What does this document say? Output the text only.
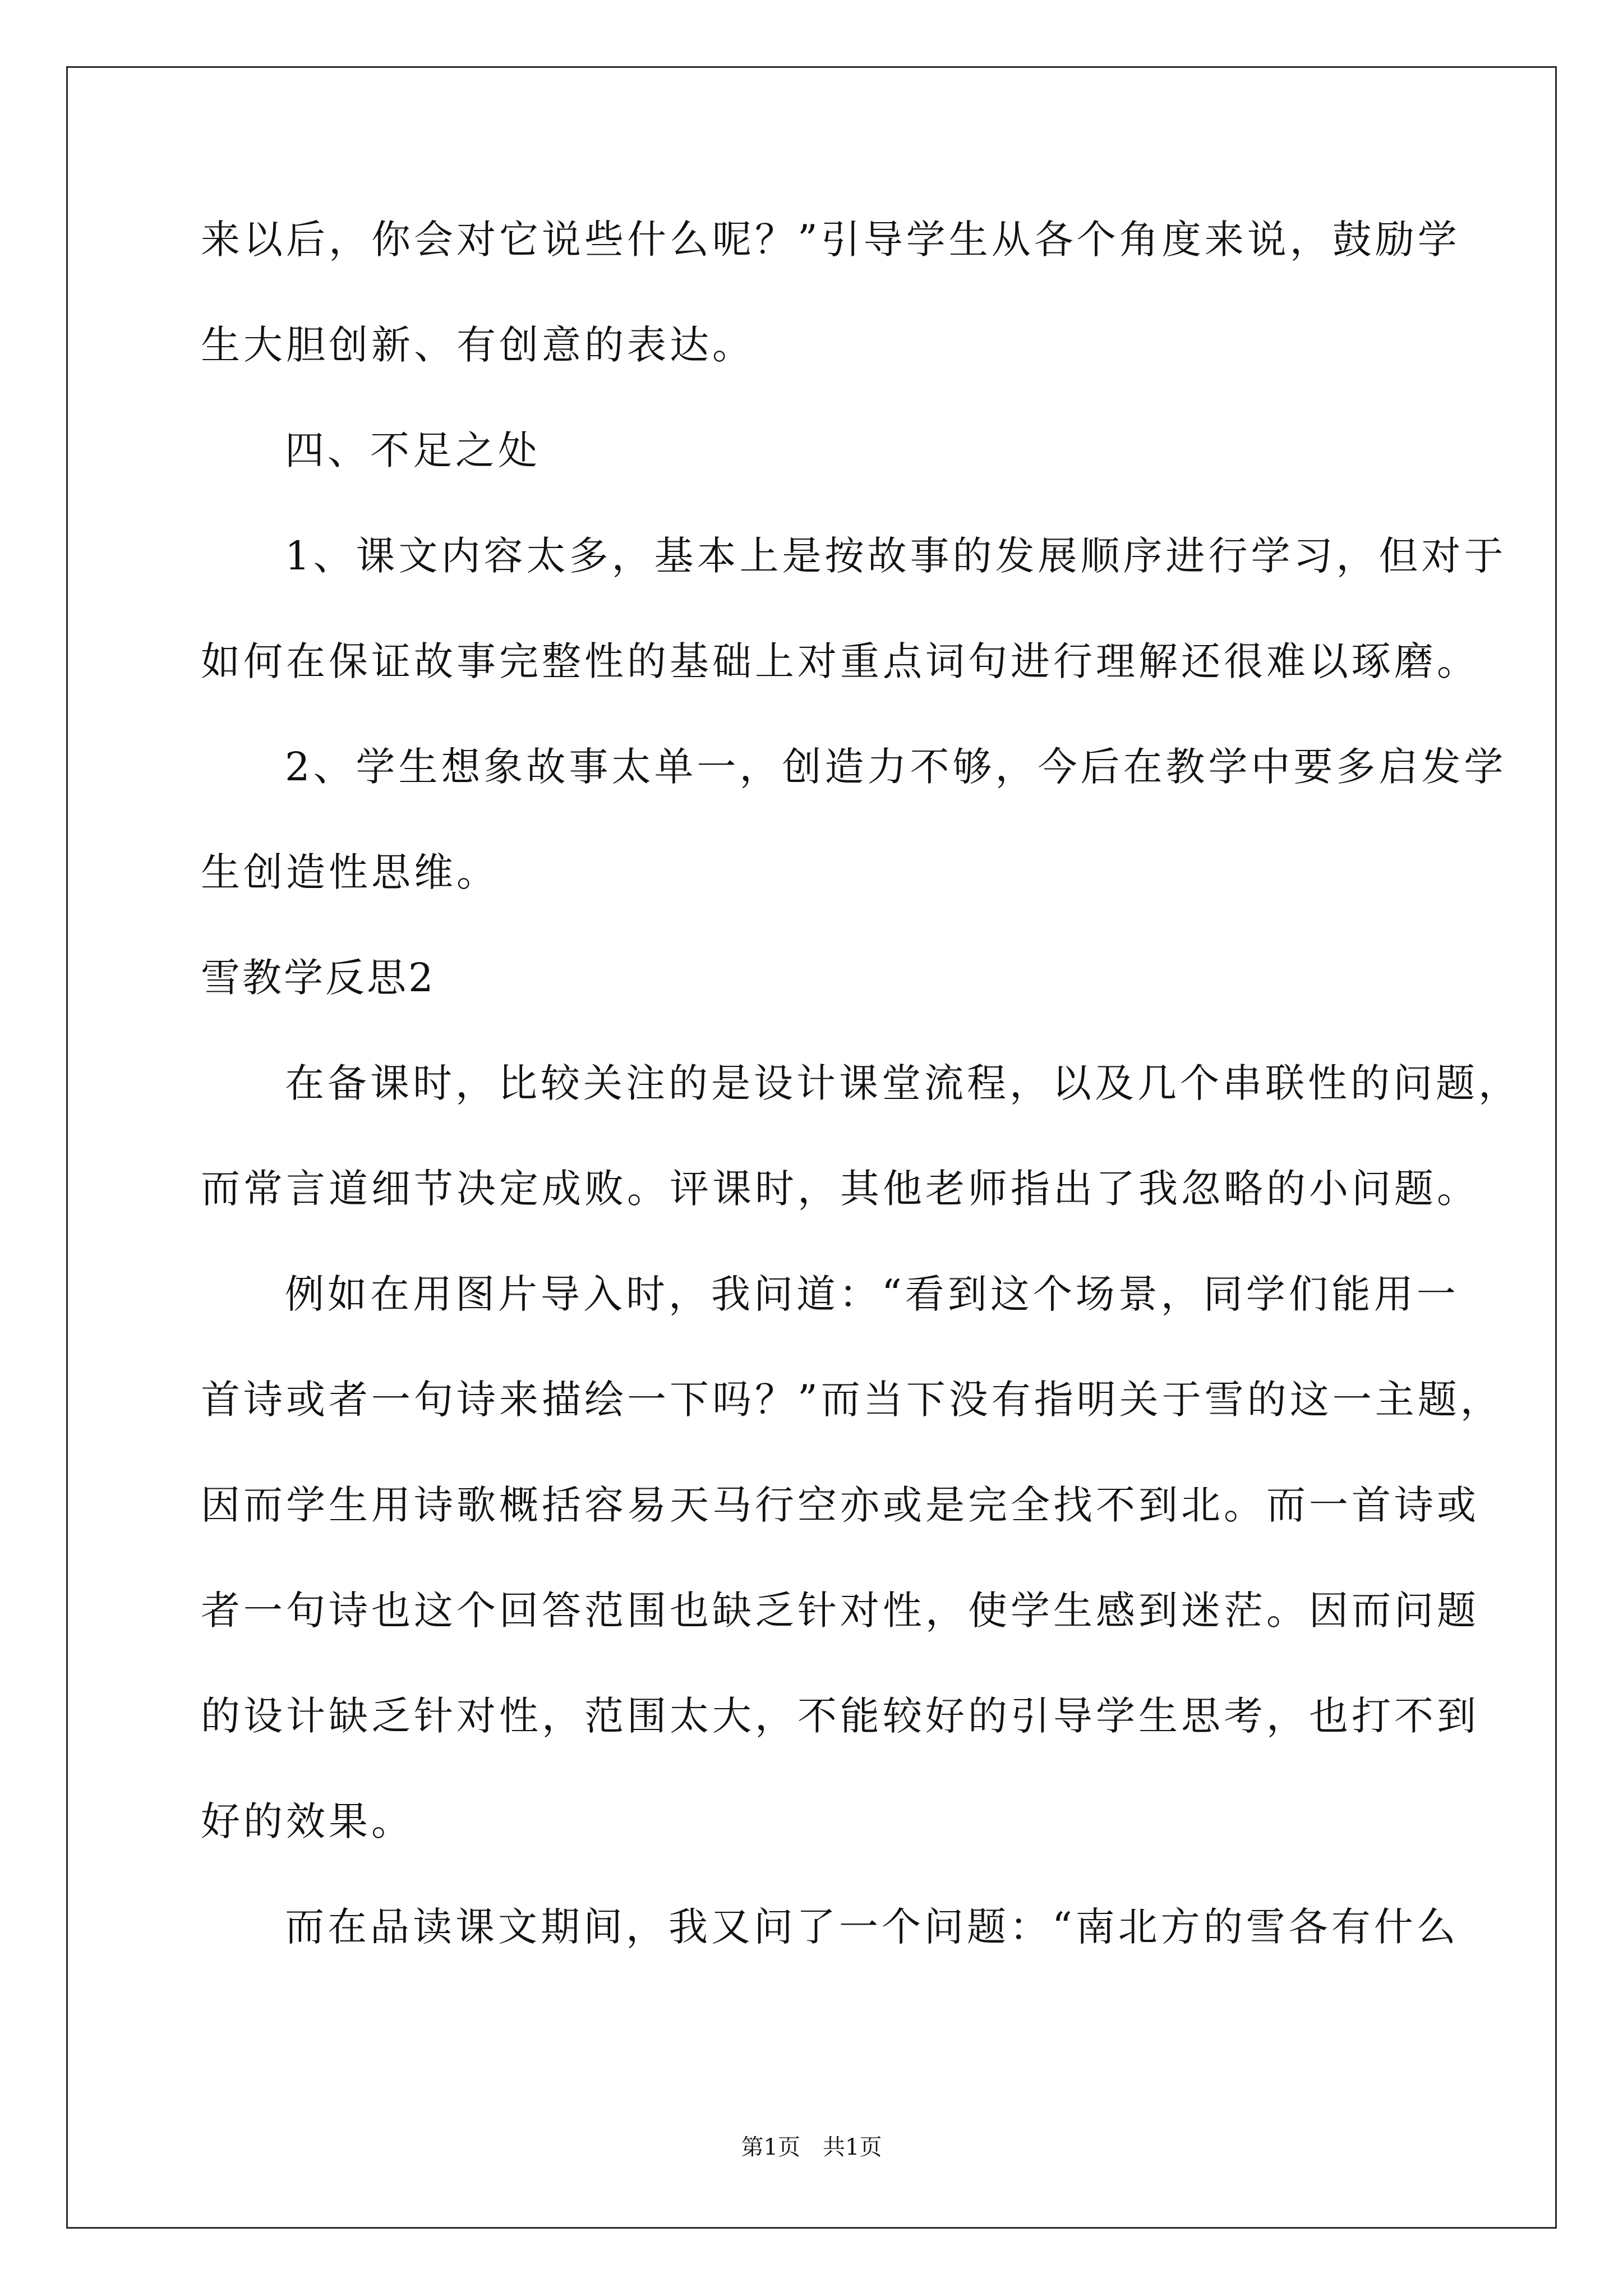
来以后，你会对它说些什么呢？”引导学生从各个角度来说，鼓励学
生大胆创新、有创意的表达。
四、不足之处
1、课文内容太多，基本上是按故事的发展顺序进行学习，但对于
如何在保证故事完整性的基础上对重点词句进行理解还很难以琢磨。
2、学生想象故事太单一，创造力不够，今后在教学中要多启发学
生创造性思维。
雪教学反思2
在备课时，比较关注的是设计课堂流程，以及几个串联性的问题，
而常言道细节决定成败。评课时，其他老师指出了我忽略的小问题。
例如在用图片导入时，我问道：“看到这个场景，同学们能用一
首诗或者一句诗来描绘一下吗？”而当下没有指明关于雪的这一主题，
因而学生用诗歌概括容易天马行空亦或是完全找不到北。而一首诗或
者一句诗也这个回答范围也缺乏针对性，使学生感到迷茫。因而问题
的设计缺乏针对性，范围太大，不能较好的引导学生思考，也打不到
好的效果。
而在品读课文期间，我又问了一个问题：“南北方的雪各有什么
第1页　共1页
